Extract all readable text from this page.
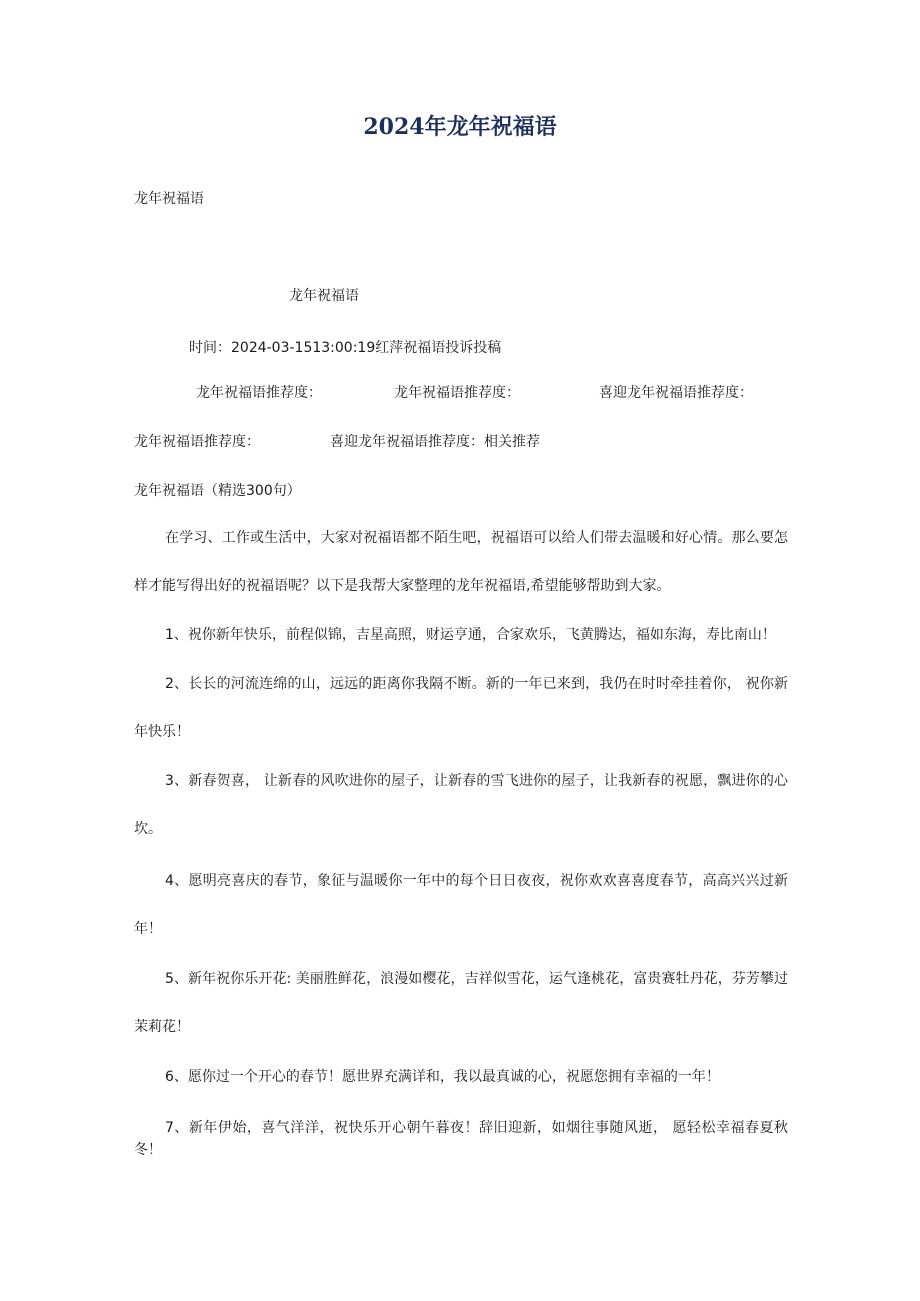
2024年龙年祝福语

龙年祝福语

龙年祝福语

时间：2024-03-1513:00:19红萍祝福语投诉投稿

龙年祝福语推荐度：	龙年祝福语推荐度：	喜迎龙年祝福语推荐度：

龙年祝福语推荐度：	喜迎龙年祝福语推荐度：相关推荐

龙年祝福语（精选300句）

在学习、工作或生活中，大家对祝福语都不陌生吧，祝福语可以给人们带去温暖和好心情。那么要怎样才能写得出好的祝福语呢？以下是我帮大家整理的龙年祝福语,希望能够帮助到大家。

1、祝你新年快乐，前程似锦，吉星高照，财运亨通，合家欢乐，飞黄腾达，福如东海，寿比南山！

2、长长的河流连绵的山，远远的距离你我隔不断。新的一年已来到，我仍在时时牵挂着你， 祝你新年快乐！

3、新春贺喜， 让新春的风吹进你的屋子，让新春的雪飞进你的屋子，让我新春的祝愿，飘进你的心坎。

4、愿明亮喜庆的春节，象征与温暖你一年中的每个日日夜夜，祝你欢欢喜喜度春节，高高兴兴过新年！

5、新年祝你乐开花: 美丽胜鲜花，浪漫如樱花，吉祥似雪花，运气逢桃花，富贵赛牡丹花，芬芳攀过茉莉花！

6、愿你过一个开心的春节！愿世界充满详和，我以最真诚的心，祝愿您拥有幸福的一年！

7、新年伊始，喜气洋洋，祝快乐开心朝午暮夜！辞旧迎新，如烟往事随风逝， 愿轻松幸福春夏秋冬！
